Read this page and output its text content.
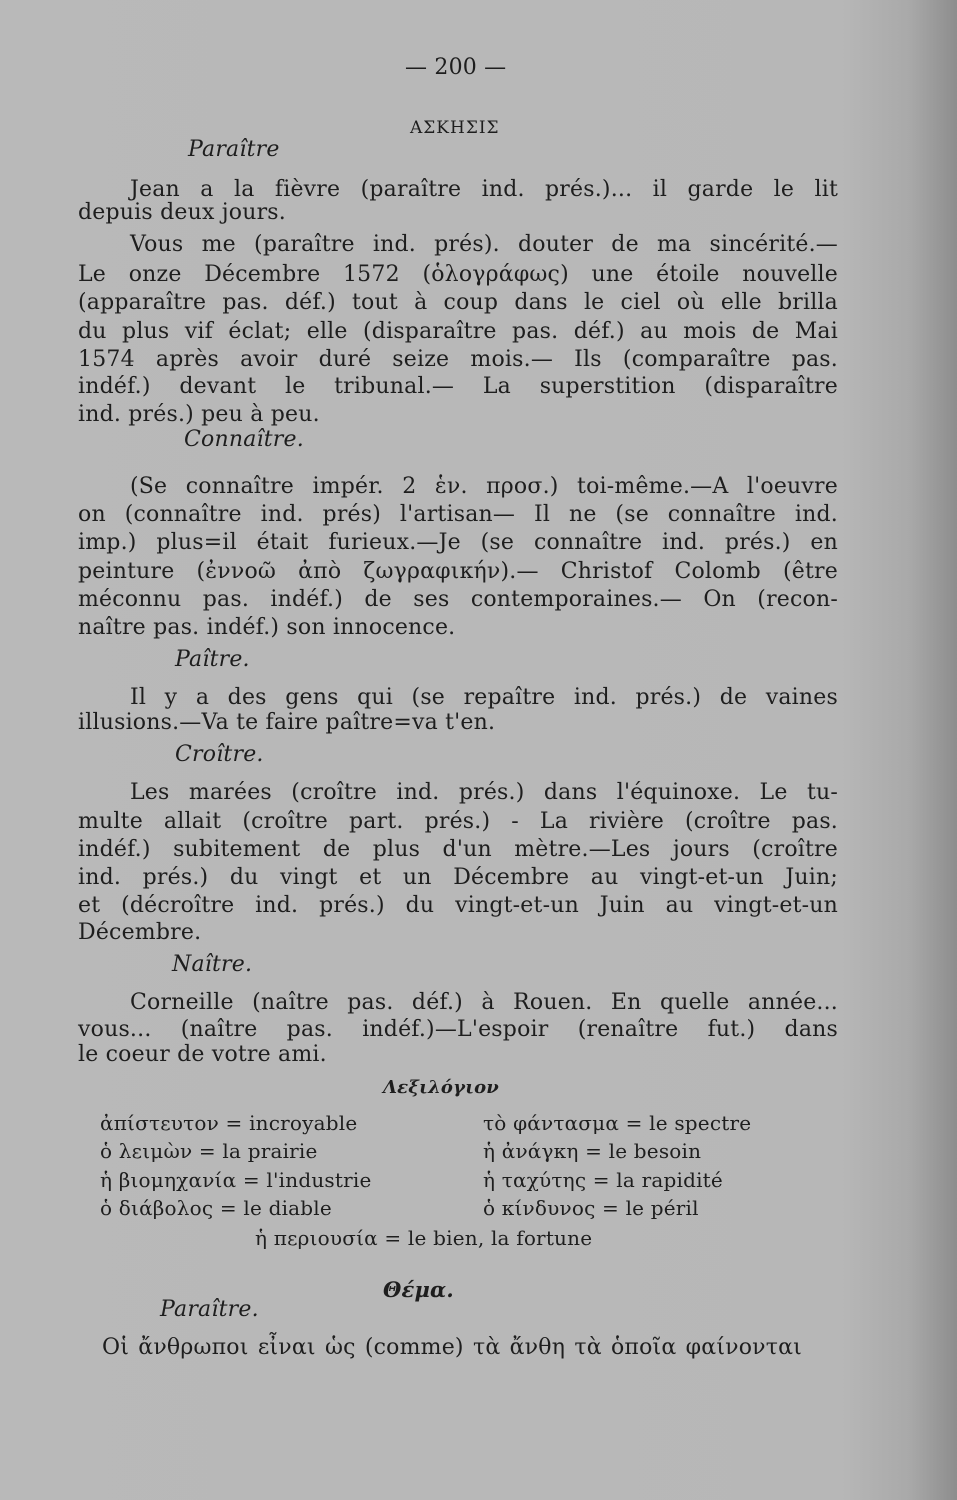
— 200 —
ΑΣΚΗΣΙΣ
Paraître
Jean a la fièvre (paraître ind. prés.)... il garde le lit
depuis deux jours.
Vous me (paraître ind. prés). douter de ma sincérité.—
Le onze Décembre 1572 (ὁλογράφως) une étoile nouvelle
(apparaître pas. déf.) tout à coup dans le ciel où elle brilla
du plus vif éclat; elle (disparaître pas. déf.) au mois de Mai
1574 après avoir duré seize mois.— Ils (comparaître pas.
indéf.) devant le tribunal.— La superstition (disparaître
ind. prés.) peu à peu.
Connaître.
(Se connaître impér. 2 ἑν. προσ.) toi-même.—A l'oeuvre
on (connaître ind. prés) l'artisan— Il ne (se connaître ind.
imp.) plus=il était furieux.—Je (se connaître ind. prés.) en
peinture (ἐννοῶ ἀπὸ ζωγραφικήν).— Christof Colomb (être
méconnu pas. indéf.) de ses contemporaines.— On (recon-
naître pas. indéf.) son innocence.
Paître.
Il y a des gens qui (se repaître ind. prés.) de vaines
illusions.—Va te faire paître=va t'en.
Croître.
Les marées (croître ind. prés.) dans l'équinoxe. Le tu-
multe allait (croître part. prés.) - La rivière (croître pas.
indéf.) subitement de plus d'un mètre.—Les jours (croître
ind. prés.) du vingt et un Décembre au vingt-et-un Juin;
et (décroître ind. prés.) du vingt-et-un Juin au vingt-et-un
Décembre.
Naître.
Corneille (naître pas. déf.) à Rouen. En quelle année...
vous... (naître pas. indéf.)—L'espoir (renaître fut.) dans
le coeur de votre ami.
Λεξιλόγιον
ἀπίστευτον = incroyable
ὁ λειμὼν = la prairie
ἡ βιομηχανία = l'industrie
ὁ διάβολος = le diable
τὸ φάντασμα = le spectre
ἡ ἀνάγκη = le besoin
ἡ ταχύτης = la rapidité
ὁ κίνδυνος = le péril
ἡ περιουσία = le bien, la fortune
Θέμα.
Paraître.
Οἱ ἄνθρωποι εἶναι ὡς (comme) τὰ ἄνθη τὰ ὁποῖα φαίνονται
